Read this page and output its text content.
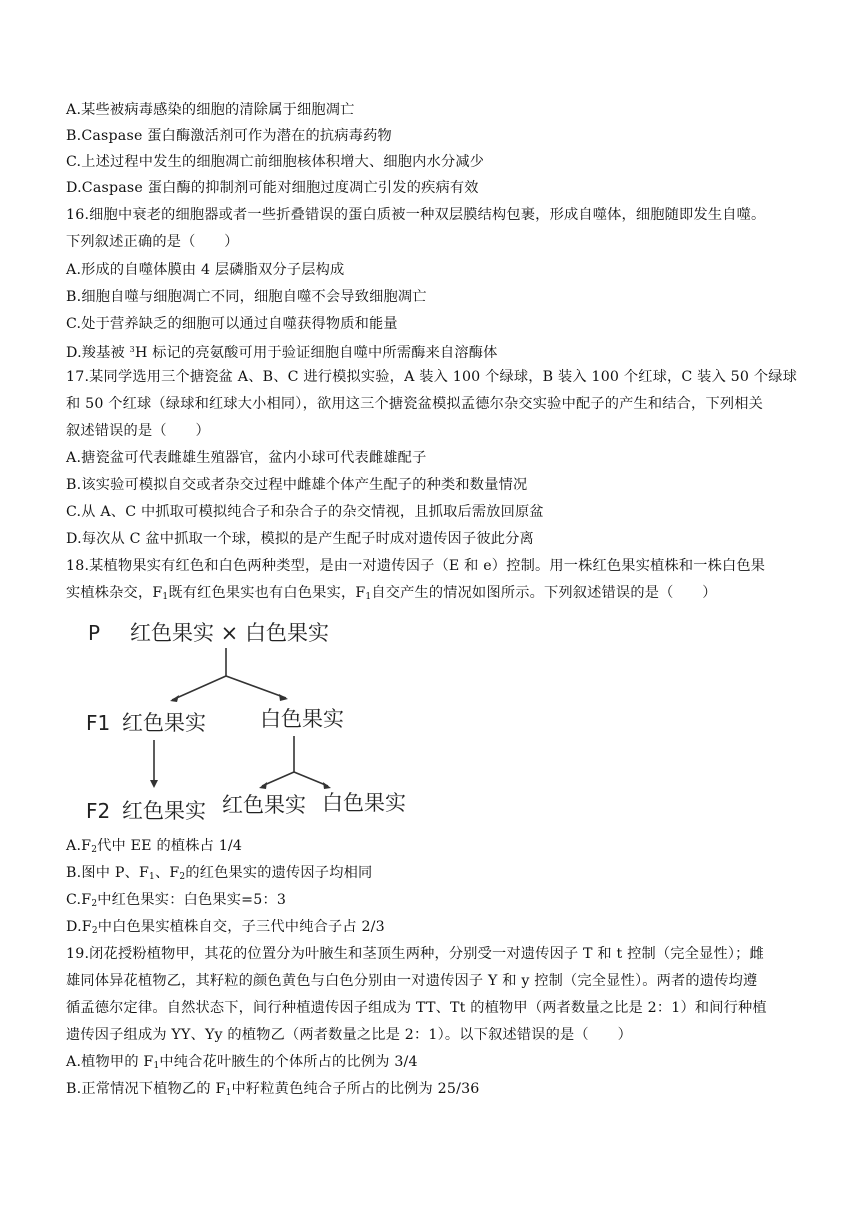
A.某些被病毒感染的细胞的清除属于细胞凋亡
B.Caspase 蛋白酶激活剂可作为潜在的抗病毒药物
C.上述过程中发生的细胞凋亡前细胞核体积增大、细胞内水分减少
D.Caspase 蛋白酶的抑制剂可能对细胞过度凋亡引发的疾病有效
16.细胞中衰老的细胞器或者一些折叠错误的蛋白质被一种双层膜结构包裹，形成自噬体，细胞随即发生自噬。
下列叙述正确的是（　　）
A.形成的自噬体膜由 4 层磷脂双分子层构成
B.细胞自噬与细胞凋亡不同，细胞自噬不会导致细胞凋亡
C.处于营养缺乏的细胞可以通过自噬获得物质和能量
D.羧基被 $^3$H 标记的亮氨酸可用于验证细胞自噬中所需酶来自溶酶体
17.某同学选用三个搪瓷盆 A、B、C 进行模拟实验，A 装入 100 个绿球，B 装入 100 个红球，C 装入 50 个绿球
和 50 个红球（绿球和红球大小相同），欲用这三个搪瓷盆模拟孟德尔杂交实验中配子的产生和结合，下列相关
叙述错误的是（　　）
A.搪瓷盆可代表雌雄生殖器官，盆内小球可代表雌雄配子
B.该实验可模拟自交或者杂交过程中雌雄个体产生配子的种类和数量情况
C.从 A、C 中抓取可模拟纯合子和杂合子的杂交情视，且抓取后需放回原盆
D.每次从 C 盆中抓取一个球，模拟的是产生配子时成对遗传因子彼此分离
18.某植物果实有红色和白色两种类型，是由一对遗传因子（E 和 e）控制。用一株红色果实植株和一株白色果
实植株杂交，$F_1$既有红色果实也有白色果实，$F_1$自交产生的情况如图所示。下列叙述错误的是（　　）
P 红色果实 × 白色果实
F1 红色果实	白色果实
F2 红色果实 红色果实 白色果实
$A.F_2$代中 EE 的植株占 1/4
B.图中 P、$F_1$、$F_2$的红色果实的遗传因子均相同
$C.F_2$中红色果实：白色果实=5：3
$D.F_2$中白色果实植株自交，子三代中纯合子占 2/3
19.闭花授粉植物甲，其花的位置分为叶腋生和茎顶生两种，分别受一对遗传因子 T 和 t 控制（完全显性）；雌
雄同体异花植物乙，其籽粒的颜色黄色与白色分别由一对遗传因子 Y 和 y 控制（完全显性）。两者的遗传均遵
循孟德尔定律。自然状态下，间行种植遗传因子组成为 TT、Tt 的植物甲（两者数量之比是 2：1）和间行种植
遗传因子组成为 YY、Yy 的植物乙（两者数量之比是 2：1）。以下叙述错误的是（　　）
A.植物甲的 $F_1$中纯合花叶腋生的个体所占的比例为 3/4
B.正常情况下植物乙的 $F_1$中籽粒黄色纯合子所占的比例为 25/36
